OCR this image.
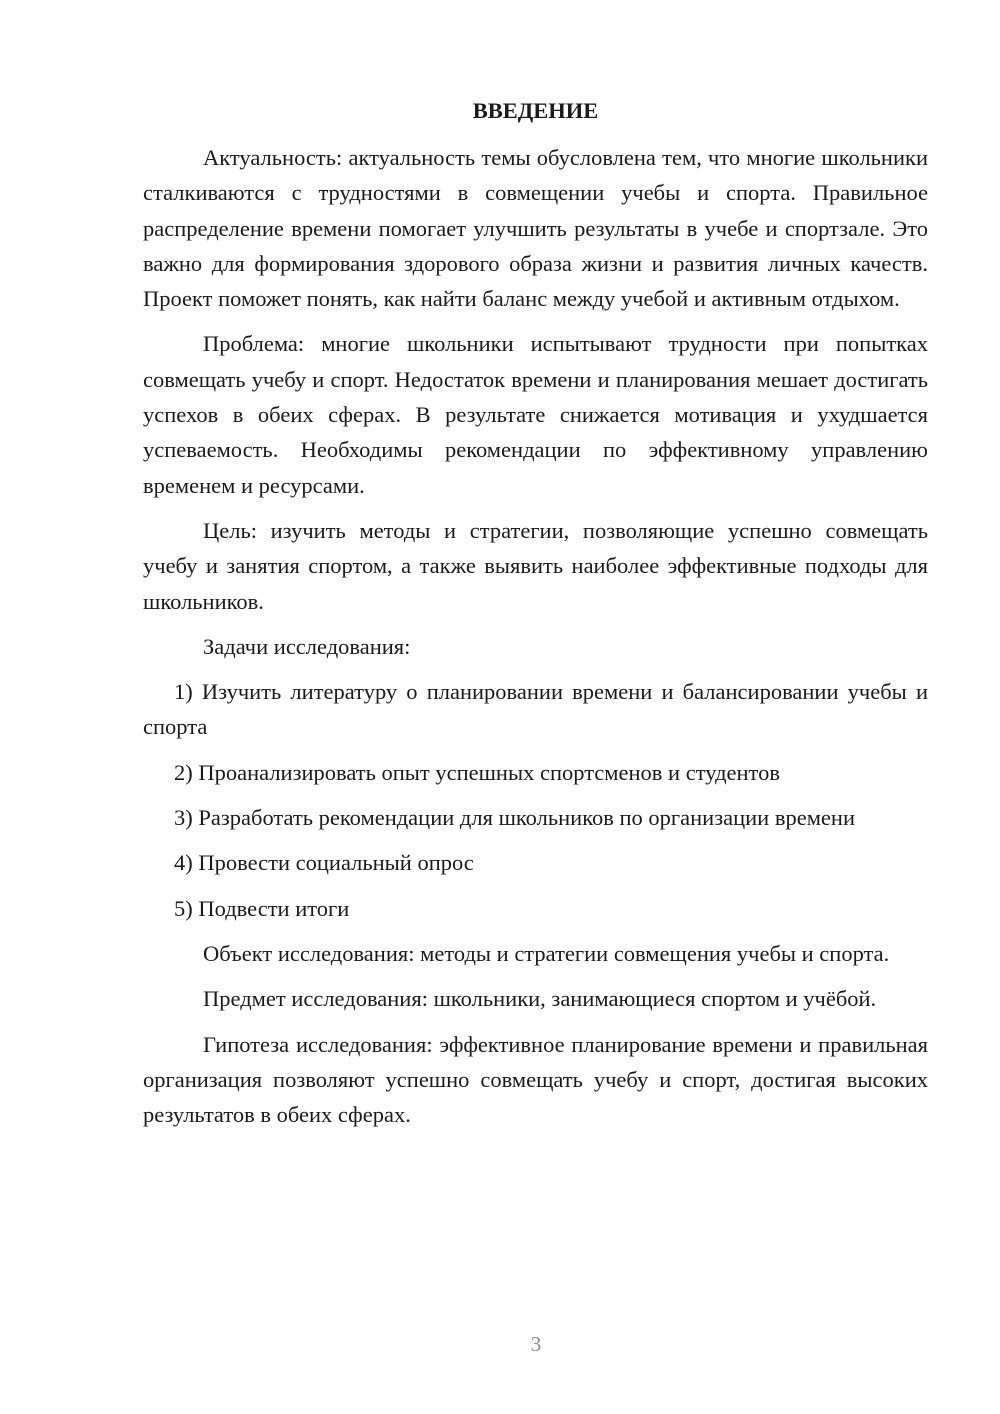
ВВЕДЕНИЕ

Актуальность: актуальность темы обусловлена тем, что многие школьники сталкиваются с трудностями в совмещении учебы и спорта. Правильное распределение времени помогает улучшить результаты в учебе и спортзале. Это важно для формирования здорового образа жизни и развития личных качеств. Проект поможет понять, как найти баланс между учебой и активным отдыхом.

Проблема: многие школьники испытывают трудности при попытках совмещать учебу и спорт. Недостаток времени и планирования мешает достигать успехов в обеих сферах. В результате снижается мотивация и ухудшается успеваемость. Необходимы рекомендации по эффективному управлению временем и ресурсами.

Цель: изучить методы и стратегии, позволяющие успешно совмещать учебу и занятия спортом, а также выявить наиболее эффективные подходы для школьников.

Задачи исследования:

1) Изучить литературу о планировании времени и балансировании учебы и спорта

2) Проанализировать опыт успешных спортсменов и студентов

3) Разработать рекомендации для школьников по организации времени

4) Провести социальный опрос

5) Подвести итоги

Объект исследования: методы и стратегии совмещения учебы и спорта.

Предмет исследования: школьники, занимающиеся спортом и учёбой.

Гипотеза исследования: эффективное планирование времени и правильная организация позволяют успешно совмещать учебу и спорт, достигая высоких результатов в обеих сферах.

3
